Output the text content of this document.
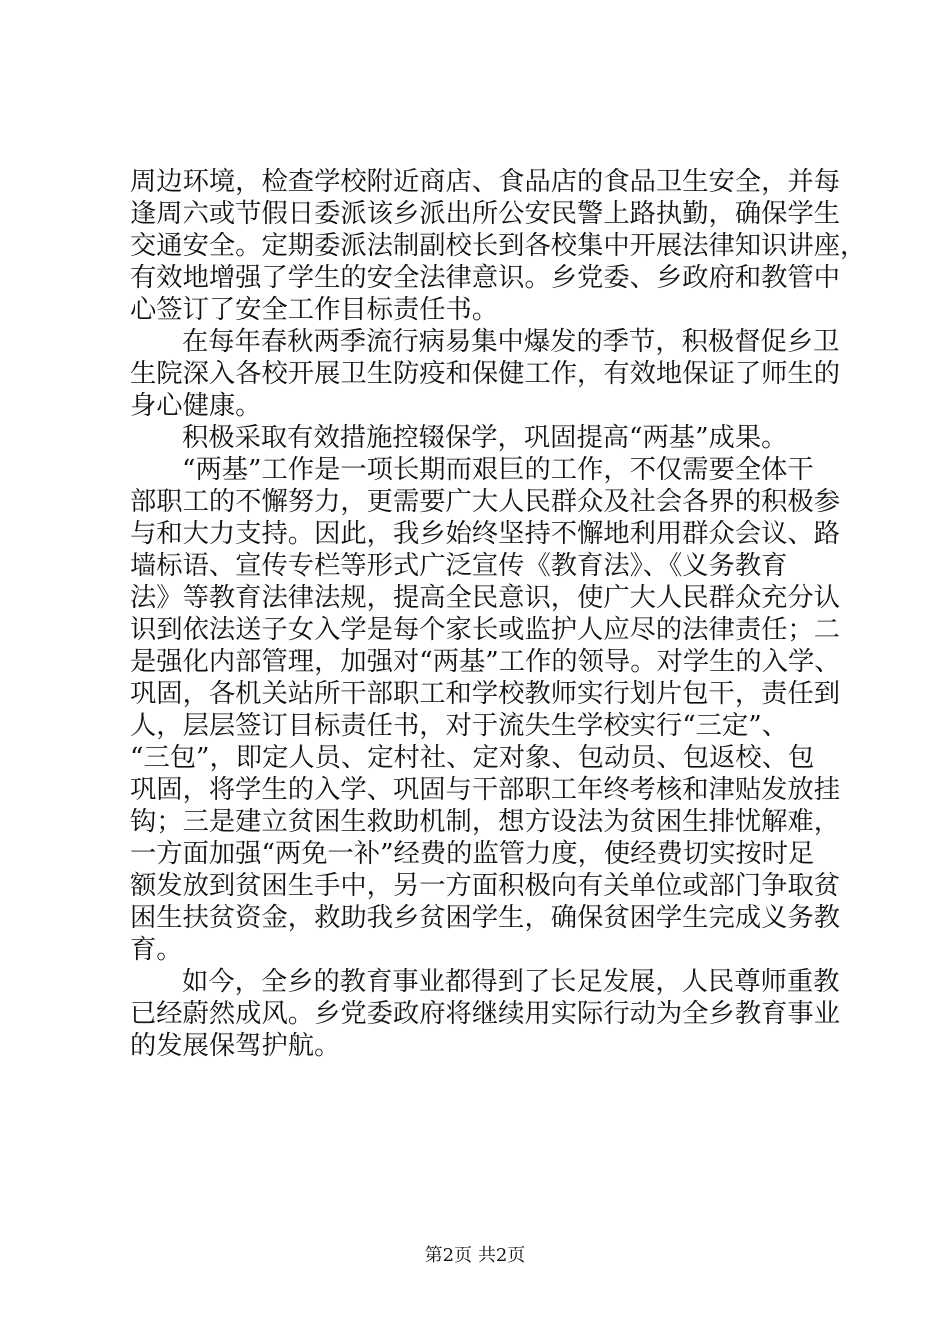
周边环境，检查学校附近商店、食品店的食品卫生安全，并每
逢周六或节假日委派该乡派出所公安民警上路执勤，确保学生
交通安全。定期委派法制副校长到各校集中开展法律知识讲座，
有效地增强了学生的安全法律意识。乡党委、乡政府和教管中
心签订了安全工作目标责任书。
在每年春秋两季流行病易集中爆发的季节，积极督促乡卫
生院深入各校开展卫生防疫和保健工作，有效地保证了师生的
身心健康。
积极采取有效措施控辍保学，巩固提高“两基”成果。
“两基”工作是一项长期而艰巨的工作，不仅需要全体干
部职工的不懈努力，更需要广大人民群众及社会各界的积极参
与和大力支持。因此，我乡始终坚持不懈地利用群众会议、路
墙标语、宣传专栏等形式广泛宣传《教育法》、《义务教育
法》等教育法律法规，提高全民意识，使广大人民群众充分认
识到依法送子女入学是每个家长或监护人应尽的法律责任；二
是强化内部管理，加强对“两基”工作的领导。对学生的入学、
巩固，各机关站所干部职工和学校教师实行划片包干，责任到
人，层层签订目标责任书，对于流失生学校实行“三定”、
“三包”，即定人员、定村社、定对象、包动员、包返校、包
巩固，将学生的入学、巩固与干部职工年终考核和津贴发放挂
钩；三是建立贫困生救助机制，想方设法为贫困生排忧解难，
一方面加强“两免一补”经费的监管力度，使经费切实按时足
额发放到贫困生手中，另一方面积极向有关单位或部门争取贫
困生扶贫资金，救助我乡贫困学生，确保贫困学生完成义务教
育。
如今，全乡的教育事业都得到了长足发展，人民尊师重教
已经蔚然成风。乡党委政府将继续用实际行动为全乡教育事业
的发展保驾护航。
第2页 共2页
